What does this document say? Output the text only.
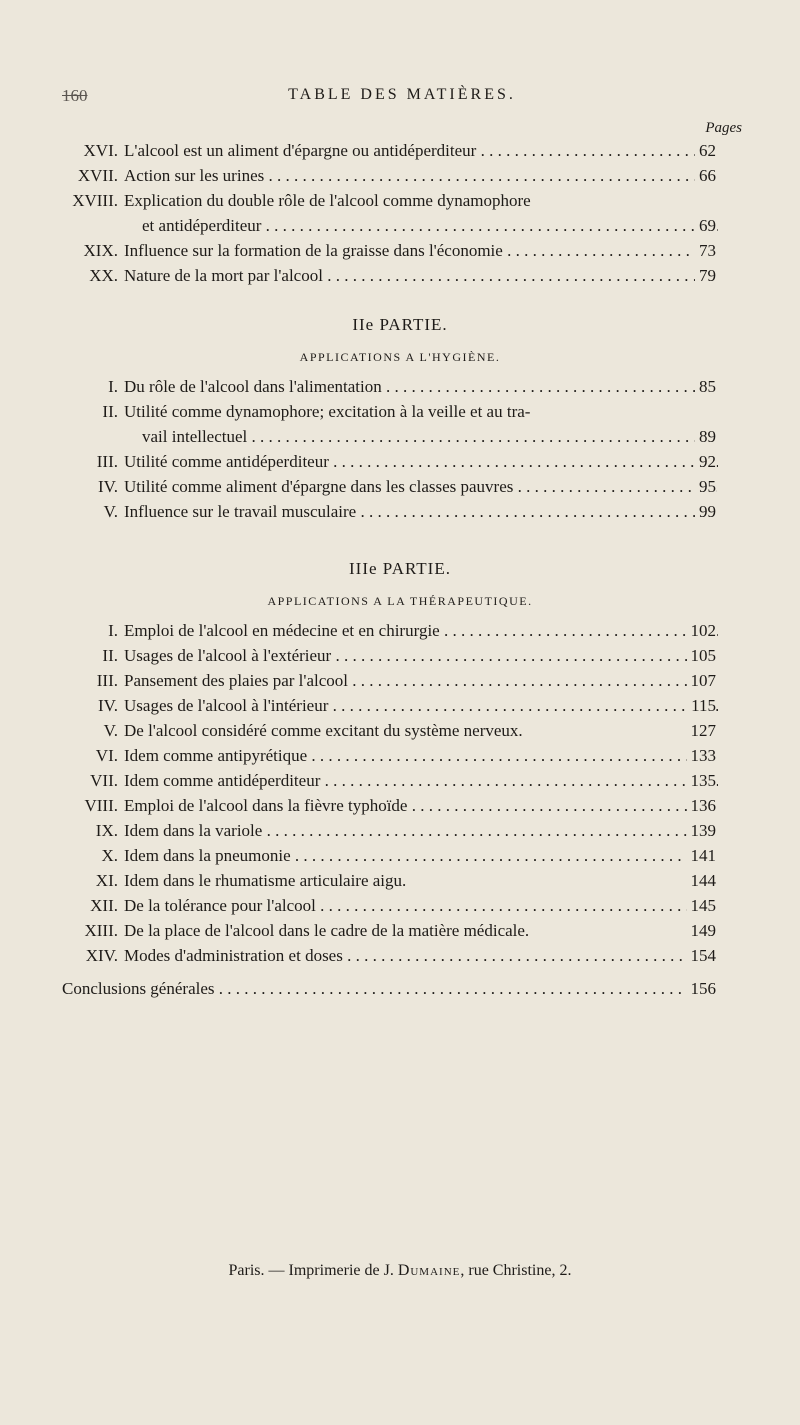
160	TABLE DES MATIÈRES.
Pages
XVI. L'alcool est un aliment d'épargne ou antidéperditeur . . .	62
XVII. Action sur les urines . . .	66
XVIII. Explication du double rôle de l'alcool comme dynamophore
et antidéperditeur . . .	69
XIX. Influence sur la formation de la graisse dans l'économie . . .	73
XX. Nature de la mort par l'alcool . . .	79
IIe PARTIE.
APPLICATIONS A L'HYGIÈNE.
I. Du rôle de l'alcool dans l'alimentation . . .	85
II. Utilité comme dynamophore; excitation à la veille et au tra-
vail intellectuel . . .	89
III. Utilité comme antidéperditeur . . .	92
IV. Utilité comme aliment d'épargne dans les classes pauvres . . .	95
V. Influence sur le travail musculaire . . .	99
IIIe PARTIE.
APPLICATIONS A LA THÉRAPEUTIQUE.
I. Emploi de l'alcool en médecine et en chirurgie . . .	102
II. Usages de l'alcool à l'extérieur . . .	105
III. Pansement des plaies par l'alcool . . .	107
IV. Usages de l'alcool à l'intérieur . . .	115
V. De l'alcool considéré comme excitant du système nerveux.	127
VI. Idem comme antipyrétique . . .	133
VII. Idem comme antidéperditeur . . .	135
VIII. Emploi de l'alcool dans la fièvre typhoïde . . .	136
IX. Idem dans la variole . . .	139
X. Idem dans la pneumonie . . .	141
XI. Idem dans le rhumatisme articulaire aigu.	144
XII. De la tolérance pour l'alcool . . .	145
XIII. De la place de l'alcool dans le cadre de la matière médicale.	149
XIV. Modes d'administration et doses . . .	154
Conclusions générales . . .	156
Paris. — Imprimerie de J. Dumaine, rue Christine, 2.
